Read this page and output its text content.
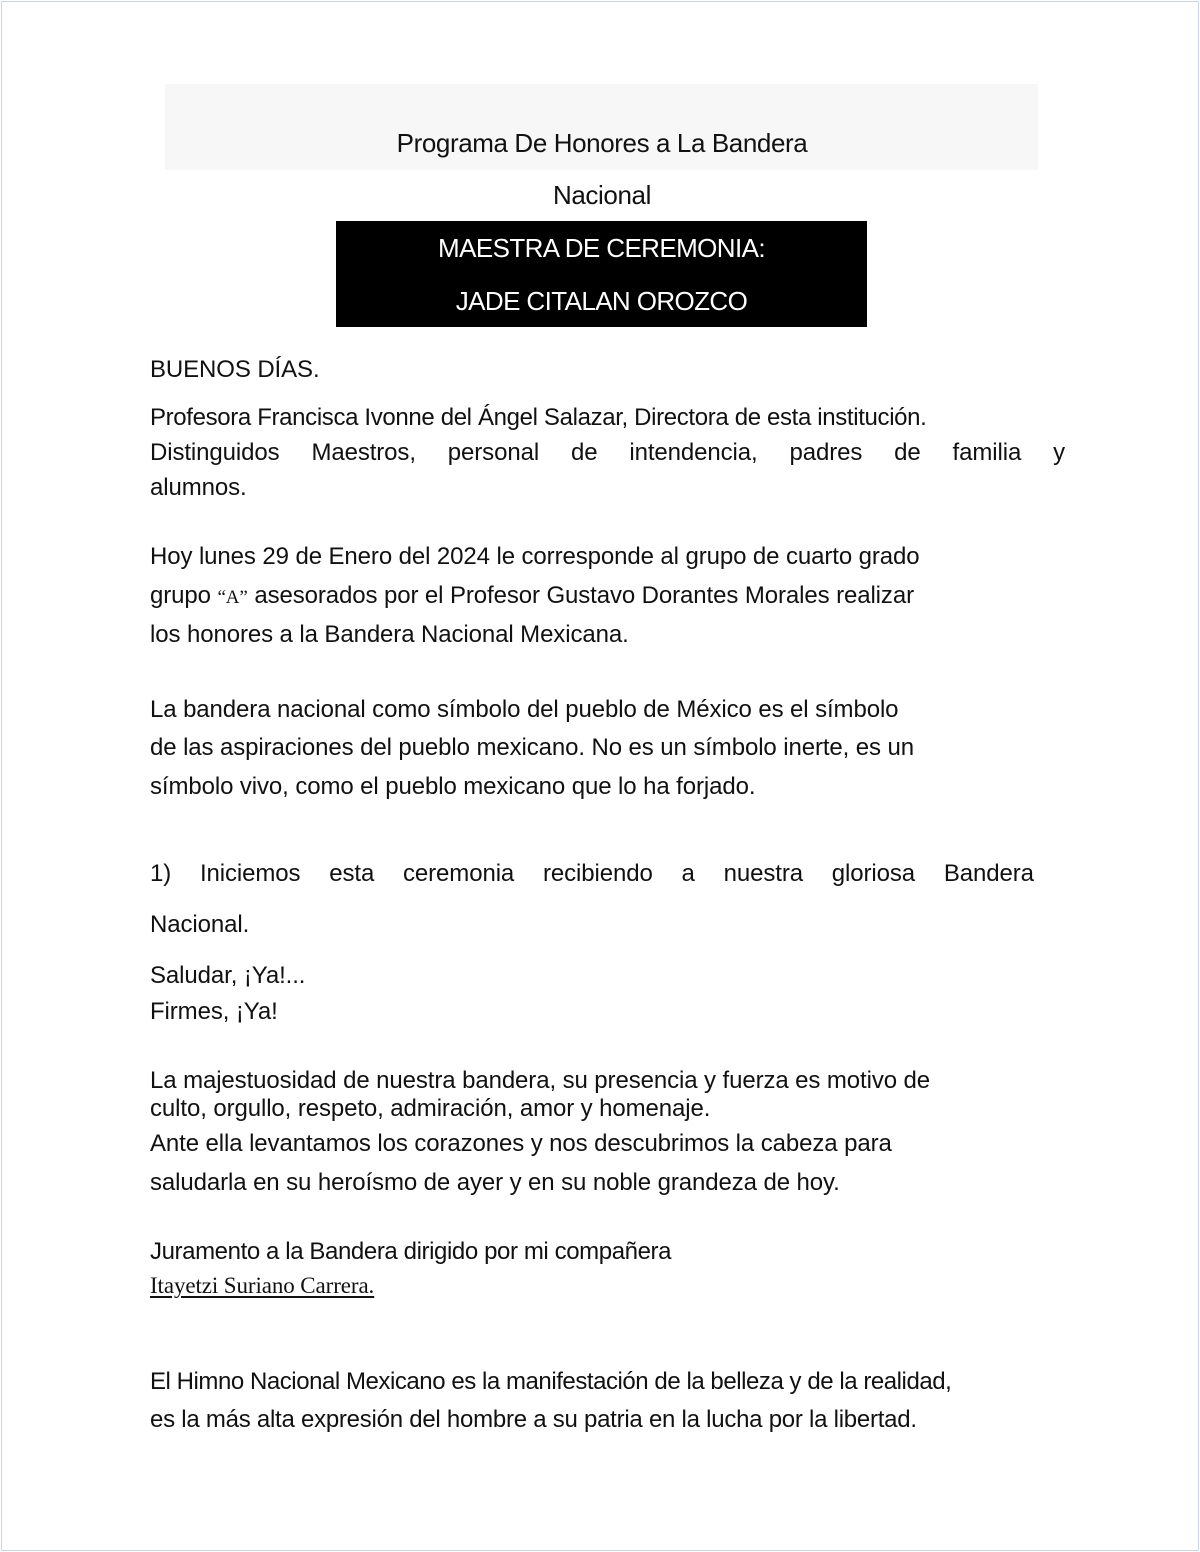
Programa De Honores a La Bandera
Nacional
MAESTRA DE CEREMONIA:
JADE CITALAN OROZCO
BUENOS DÍAS.
Profesora Francisca Ivonne del Ángel Salazar, Directora de esta institución.
Distinguidos Maestros, personal de intendencia, padres de familia y
alumnos.
Hoy lunes 29 de Enero del 2024 le corresponde al grupo de cuarto grado
grupo “A” asesorados por el Profesor Gustavo Dorantes Morales realizar
los honores a la Bandera Nacional Mexicana.
La bandera nacional como símbolo del pueblo de México es el símbolo
de las aspiraciones del pueblo mexicano. No es un símbolo inerte, es un
símbolo vivo, como el pueblo mexicano que lo ha forjado.
1) Iniciemos esta ceremonia recibiendo a nuestra gloriosa Bandera
Nacional.
Saludar, ¡Ya!...
Firmes, ¡Ya!
La majestuosidad de nuestra bandera, su presencia y fuerza es motivo de
culto, orgullo, respeto, admiración, amor y homenaje.
Ante ella levantamos los corazones y nos descubrimos la cabeza para
saludarla en su heroísmo de ayer y en su noble grandeza de hoy.
Juramento a la Bandera dirigido por mi compañera
Itayetzi Suriano Carrera.
El Himno Nacional Mexicano es la manifestación de la belleza y de la realidad,
es la más alta expresión del hombre a su patria en la lucha por la libertad.
